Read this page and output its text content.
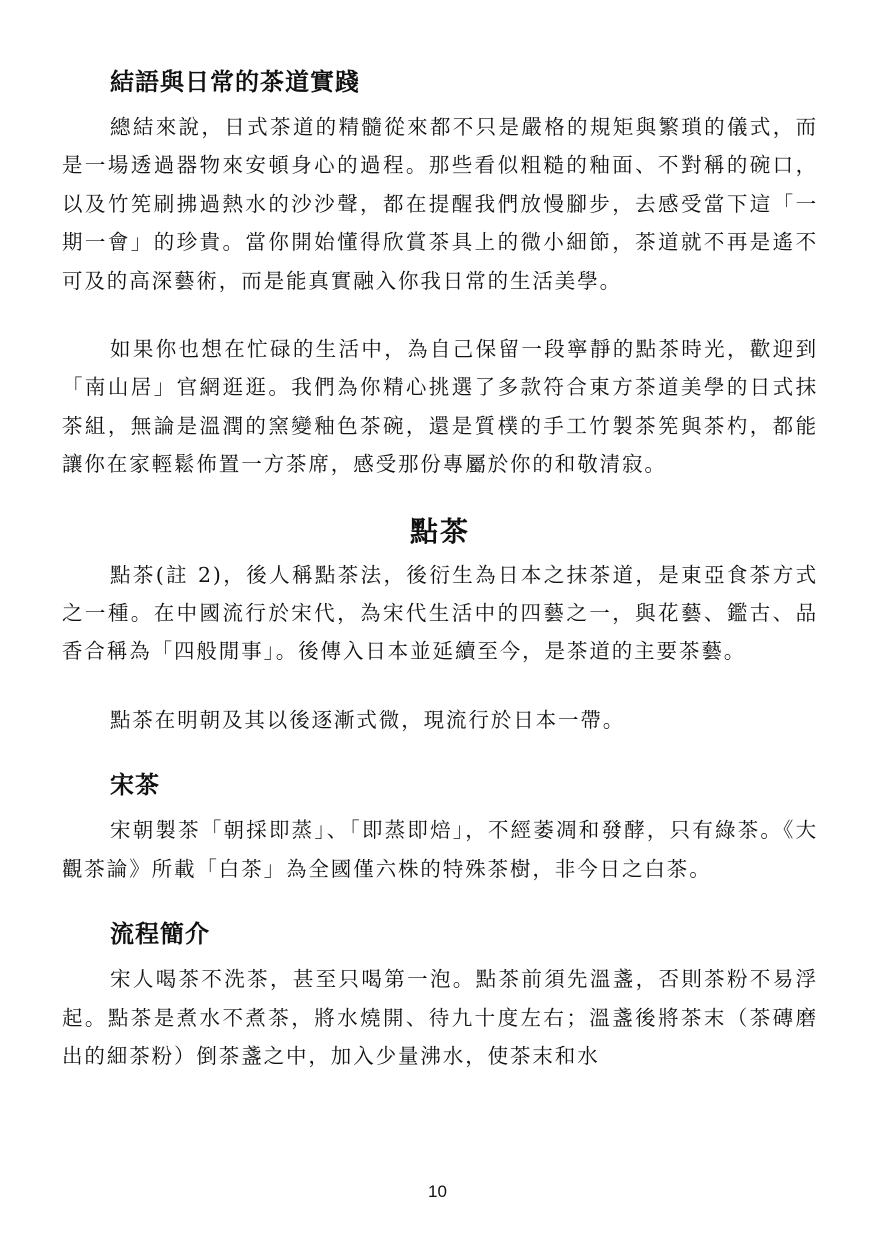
結語與日常的茶道實踐

總結來說，日式茶道的精髓從來都不只是嚴格的規矩與繁瑣的儀式，而是一場透過器物來安頓身心的過程。那些看似粗糙的釉面、不對稱的碗口，以及竹筅刷拂過熱水的沙沙聲，都在提醒我們放慢腳步，去感受當下這「一期一會」的珍貴。當你開始懂得欣賞茶具上的微小細節，茶道就不再是遙不可及的高深藝術，而是能真實融入你我日常的生活美學。

如果你也想在忙碌的生活中，為自己保留一段寧靜的點茶時光，歡迎到「南山居」官網逛逛。我們為你精心挑選了多款符合東方茶道美學的日式抹茶組，無論是溫潤的窯變釉色茶碗，還是質樸的手工竹製茶筅與茶杓，都能讓你在家輕鬆佈置一方茶席，感受那份專屬於你的和敬清寂。

點茶

點茶(註 2)，後人稱點茶法，後衍生為日本之抹茶道，是東亞食茶方式之一種。在中國流行於宋代，為宋代生活中的四藝之一，與花藝、鑑古、品香合稱為「四般閒事」。後傳入日本並延續至今，是茶道的主要茶藝。

點茶在明朝及其以後逐漸式微，現流行於日本一帶。

宋茶

宋朝製茶「朝採即蒸」、「即蒸即焙」，不經萎凋和發酵，只有綠茶。《大觀茶論》所載「白茶」為全國僅六株的特殊茶樹，非今日之白茶。

流程簡介

宋人喝茶不洗茶，甚至只喝第一泡。點茶前須先溫盞，否則茶粉不易浮起。點茶是煮水不煮茶，將水燒開、待九十度左右；溫盞後將茶末（茶磚磨出的細茶粉）倒茶盞之中，加入少量沸水，使茶末和水

10
